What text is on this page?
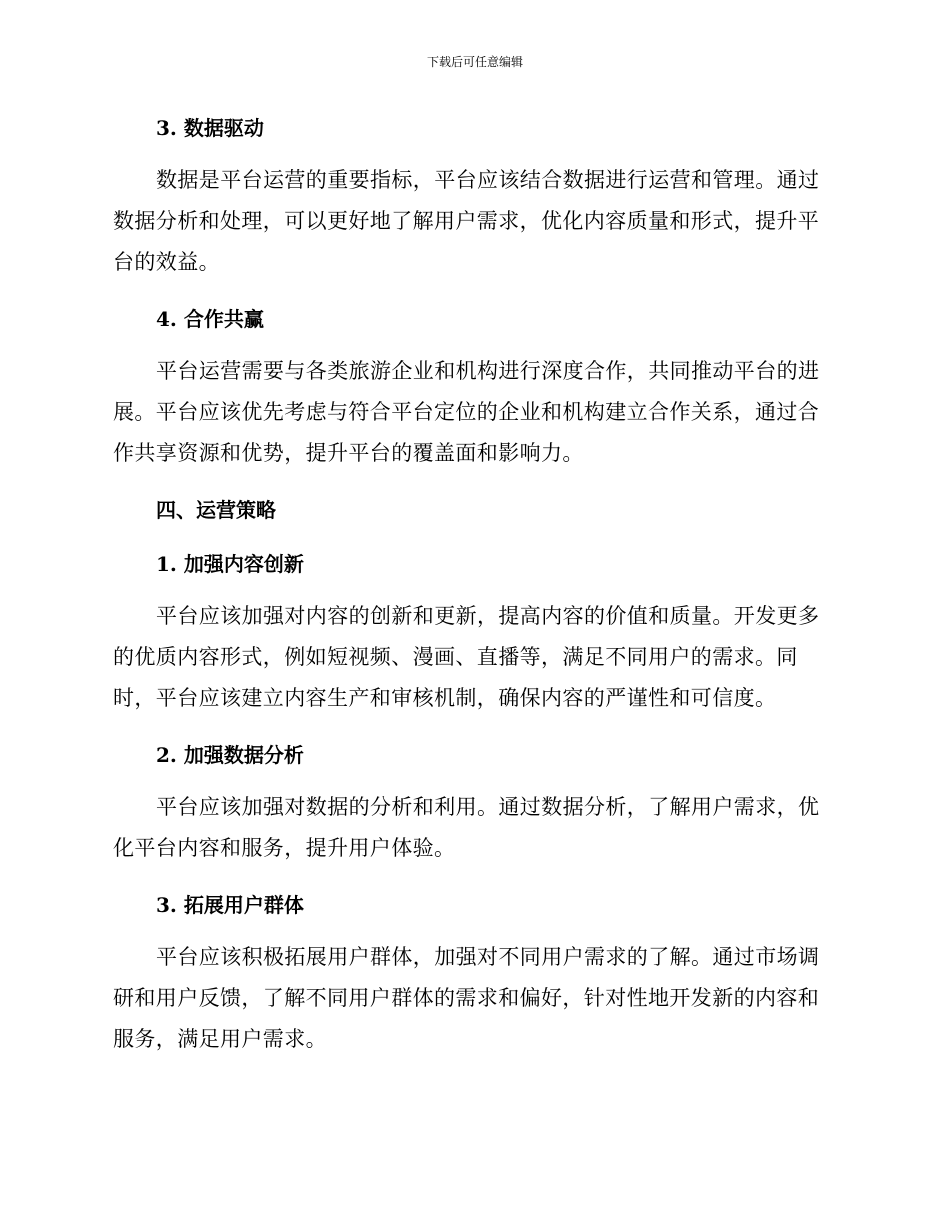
下载后可任意编辑
3. 数据驱动

数据是平台运营的重要指标，平台应该结合数据进行运营和管理。通过
数据分析和处理，可以更好地了解用户需求，优化内容质量和形式，提升平
台的效益。

4. 合作共赢

平台运营需要与各类旅游企业和机构进行深度合作，共同推动平台的进
展。平台应该优先考虑与符合平台定位的企业和机构建立合作关系，通过合
作共享资源和优势，提升平台的覆盖面和影响力。

四、运营策略
1. 加强内容创新

平台应该加强对内容的创新和更新，提高内容的价值和质量。开发更多
的优质内容形式，例如短视频、漫画、直播等，满足不同用户的需求。同
时，平台应该建立内容生产和审核机制，确保内容的严谨性和可信度。

2. 加强数据分析

平台应该加强对数据的分析和利用。通过数据分析，了解用户需求，优
化平台内容和服务，提升用户体验。

3. 拓展用户群体

平台应该积极拓展用户群体，加强对不同用户需求的了解。通过市场调
研和用户反馈，了解不同用户群体的需求和偏好，针对性地开发新的内容和
服务，满足用户需求。
